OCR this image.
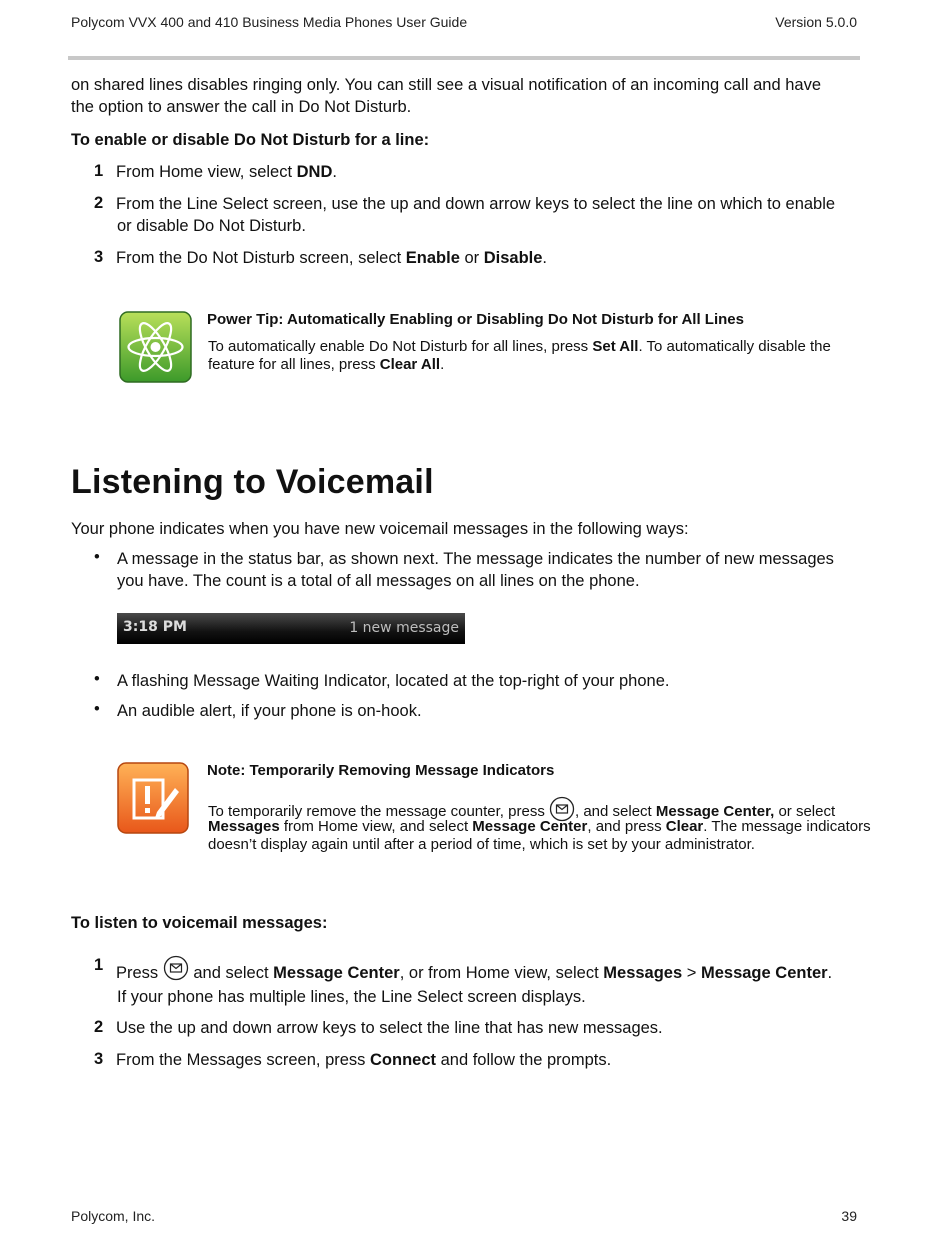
Polycom VVX 400 and 410 Business Media Phones User Guide	Version 5.0.0
on shared lines disables ringing only. You can still see a visual notification of an incoming call and have
the option to answer the call in Do Not Disturb.
To enable or disable Do Not Disturb for a line:
1 From Home view, select DND.
2 From the Line Select screen, use the up and down arrow keys to select the line on which to enable
or disable Do Not Disturb.
3 From the Do Not Disturb screen, select Enable or Disable.
Power Tip: Automatically Enabling or Disabling Do Not Disturb for All Lines
To automatically enable Do Not Disturb for all lines, press Set All. To automatically disable the
feature for all lines, press Clear All.
Listening to Voicemail
Your phone indicates when you have new voicemail messages in the following ways:
• A message in the status bar, as shown next. The message indicates the number of new messages
you have. The count is a total of all messages on all lines on the phone.
3:18 PM	1 new message
• A flashing Message Waiting Indicator, located at the top-right of your phone.
• An audible alert, if your phone is on-hook.
Note: Temporarily Removing Message Indicators
To temporarily remove the message counter, press , and select Message Center, or select
Messages from Home view, and select Message Center, and press Clear. The message indicators
doesn’t display again until after a period of time, which is set by your administrator.
To listen to voicemail messages:
1 Press  and select Message Center, or from Home view, select Messages > Message Center.
If your phone has multiple lines, the Line Select screen displays.
2 Use the up and down arrow keys to select the line that has new messages.
3 From the Messages screen, press Connect and follow the prompts.
Polycom, Inc.	39
